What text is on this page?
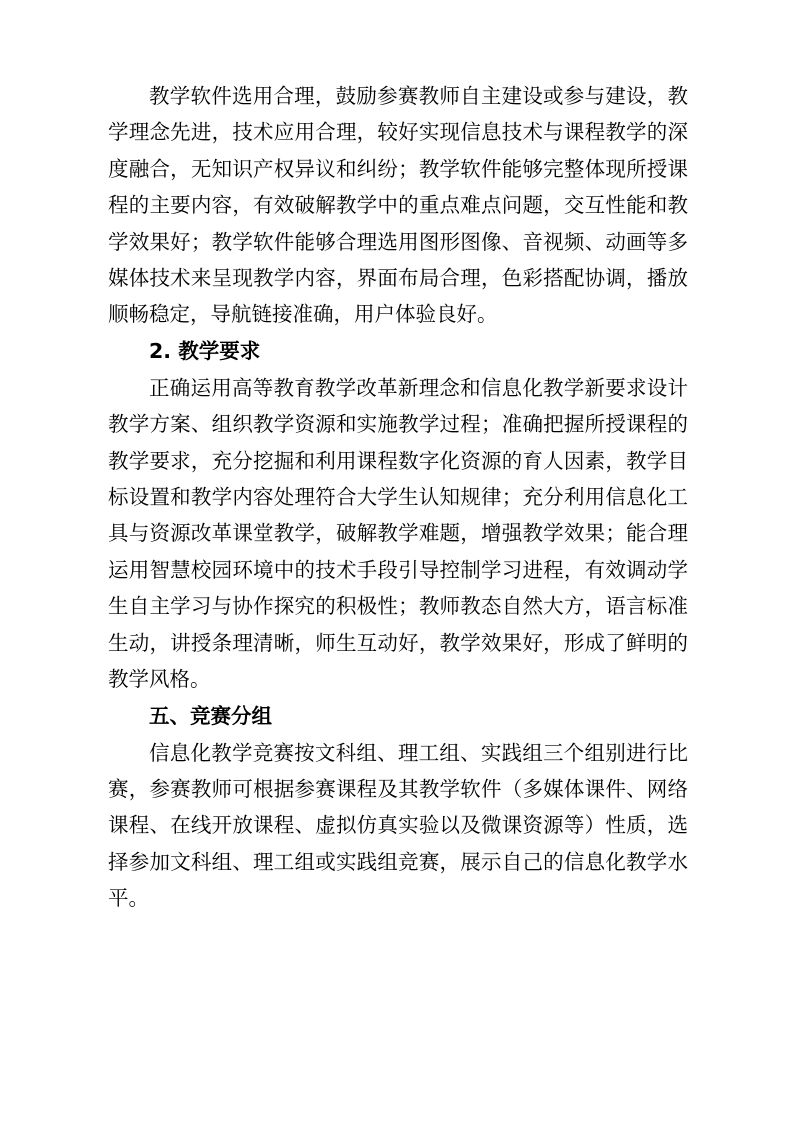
教学软件选用合理，鼓励参赛教师自主建设或参与建设，教学理念先进，技术应用合理，较好实现信息技术与课程教学的深度融合，无知识产权异议和纠纷；教学软件能够完整体现所授课程的主要内容，有效破解教学中的重点难点问题，交互性能和教学效果好；教学软件能够合理选用图形图像、音视频、动画等多媒体技术来呈现教学内容，界面布局合理，色彩搭配协调，播放顺畅稳定，导航链接准确，用户体验良好。

2. 教学要求

正确运用高等教育教学改革新理念和信息化教学新要求设计教学方案、组织教学资源和实施教学过程；准确把握所授课程的教学要求，充分挖掘和利用课程数字化资源的育人因素，教学目标设置和教学内容处理符合大学生认知规律；充分利用信息化工具与资源改革课堂教学，破解教学难题，增强教学效果；能合理运用智慧校园环境中的技术手段引导控制学习进程，有效调动学生自主学习与协作探究的积极性；教师教态自然大方，语言标准生动，讲授条理清晰，师生互动好，教学效果好，形成了鲜明的教学风格。

五、竞赛分组

信息化教学竞赛按文科组、理工组、实践组三个组别进行比赛，参赛教师可根据参赛课程及其教学软件（多媒体课件、网络课程、在线开放课程、虚拟仿真实验以及微课资源等）性质，选择参加文科组、理工组或实践组竞赛，展示自己的信息化教学水平。
